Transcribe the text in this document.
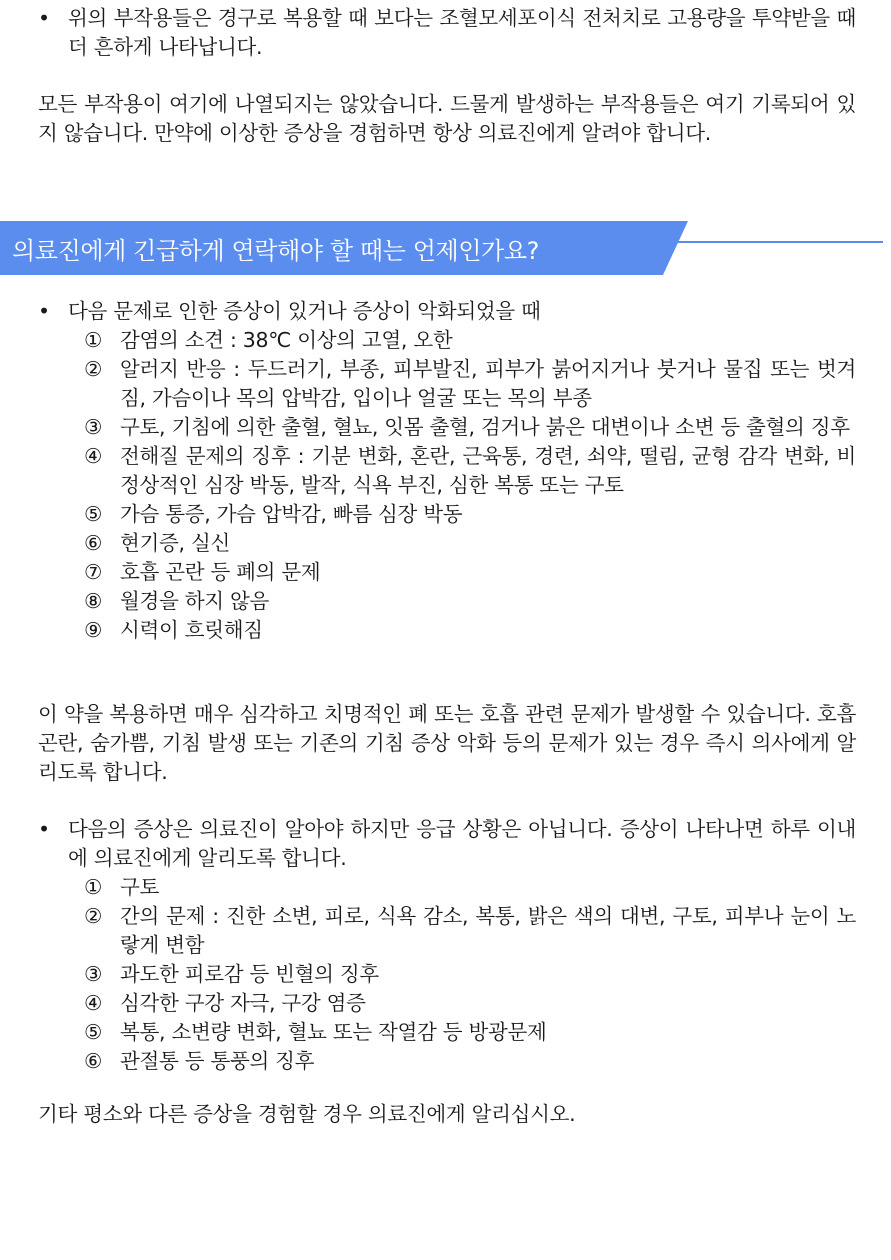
• 위의 부작용들은 경구로 복용할 때 보다는 조혈모세포이식 전처치로 고용량을 투약받을 때 더 흔하게 나타납니다.

모든 부작용이 여기에 나열되지는 않았습니다. 드물게 발생하는 부작용들은 여기 기록되어 있지 않습니다. 만약에 이상한 증상을 경험하면 항상 의료진에게 알려야 합니다.

의료진에게 긴급하게 연락해야 할 때는 언제인가요?
• 다음 문제로 인한 증상이 있거나 증상이 악화되었을 때
① 감염의 소견 : 38℃ 이상의 고열, 오한
② 알러지 반응 : 두드러기, 부종, 피부발진, 피부가 붉어지거나 붓거나 물집 또는 벗겨짐, 가슴이나 목의 압박감, 입이나 얼굴 또는 목의 부종
③ 구토, 기침에 의한 출혈, 혈뇨, 잇몸 출혈, 검거나 붉은 대변이나 소변 등 출혈의 징후
④ 전해질 문제의 징후 : 기분 변화, 혼란, 근육통, 경련, 쇠약, 떨림, 균형 감각 변화, 비정상적인 심장 박동, 발작, 식욕 부진, 심한 복통 또는 구토
⑤ 가슴 통증, 가슴 압박감, 빠름 심장 박동
⑥ 현기증, 실신
⑦ 호흡 곤란 등 폐의 문제
⑧ 월경을 하지 않음
⑨ 시력이 흐릿해짐

이 약을 복용하면 매우 심각하고 치명적인 폐 또는 호흡 관련 문제가 발생할 수 있습니다. 호흡곤란, 숨가쁨, 기침 발생 또는 기존의 기침 증상 악화 등의 문제가 있는 경우 즉시 의사에게 알리도록 합니다.

• 다음의 증상은 의료진이 알아야 하지만 응급 상황은 아닙니다. 증상이 나타나면 하루 이내에 의료진에게 알리도록 합니다.
① 구토
② 간의 문제 : 진한 소변, 피로, 식욕 감소, 복통, 밝은 색의 대변, 구토, 피부나 눈이 노랗게 변함
③ 과도한 피로감 등 빈혈의 징후
④ 심각한 구강 자극, 구강 염증
⑤ 복통, 소변량 변화, 혈뇨 또는 작열감 등 방광문제
⑥ 관절통 등 통풍의 징후

기타 평소와 다른 증상을 경험할 경우 의료진에게 알리십시오.
